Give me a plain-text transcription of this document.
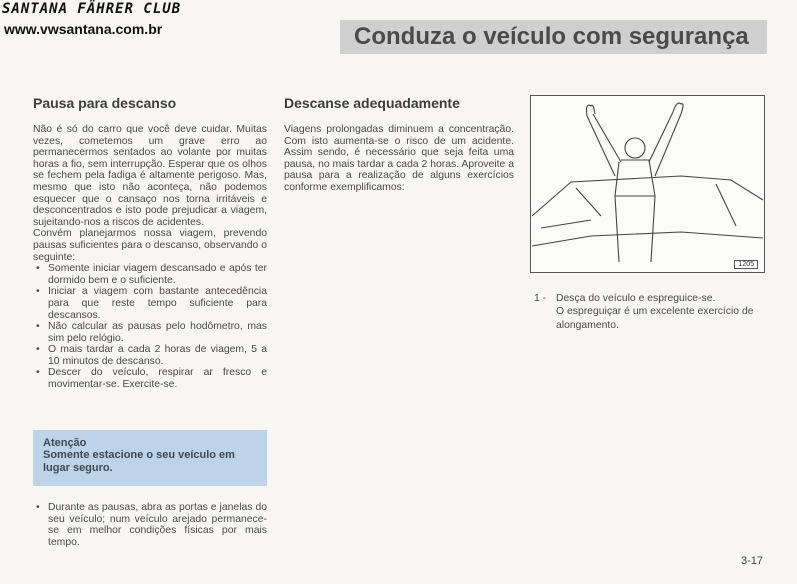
SANTANA FÄHRER CLUB
www.vwsantana.com.br	Conduza o veículo com segurança
Pausa para descanso

Não é só do carro que você deve cuidar. Muitas vezes, cometemos um grave erro ao permanecermos sentados ao volante por muitas horas a fio, sem interrupção. Esperar que os olhos se fechem pela fadiga é altamente perigoso. Mas, mesmo que isto não aconteça, não podemos esquecer que o cansaço nos torna irritáveis e desconcentrados e isto pode prejudicar a viagem, sujeitando-nos a riscos de acidentes.

Convém planejarmos nossa viagem, prevendo pausas suficientes para o descanso, observando o seguinte:

• Somente iniciar viagem descansado e após ter dormido bem e o suficiente.
• Iniciar a viagem com bastante antecedência para que reste tempo suficiente para descansos.
• Não calcular as pausas pelo hodômetro, mas sim pelo relógio.
• O mais tardar a cada 2 horas de viagem, 5 a 10 minutos de descanso.
• Descer do veículo, respirar ar fresco e movimentar-se. Exercite-se.
Atenção
Somente estacione o seu veículo em lugar seguro.
• Durante as pausas, abra as portas e janelas do seu veículo; num veículo arejado permanece-se em melhor condições físicas por mais tempo.
Descanse adequadamente

Viagens prolongadas diminuem a concentração. Com isto aumenta-se o risco de um acidente. Assim sendo, é necessário que seja feita uma pausa, no mais tardar a cada 2 horas. Aproveite a pausa para a realização de alguns exercícios conforme exemplificamos:

1205
1 - Desça do veículo e espreguice-se.
O espreguiçar é um excelente exercício de alongamento.
3-17
